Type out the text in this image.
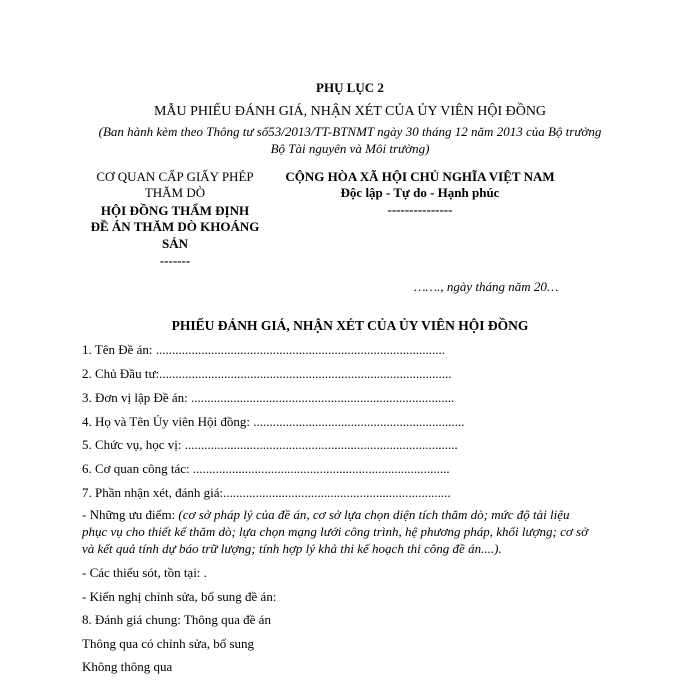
PHỤ LỤC 2
MẪU PHIẾU ĐÁNH GIÁ, NHẬN XÉT CỦA ỦY VIÊN HỘI ĐỒNG
(Ban hành kèm theo Thông tư số53/2013/TT-BTNMT ngày 30 tháng 12 năm 2013 của Bộ trưởng
Bộ Tài nguyên và Môi trường)
CƠ QUAN CẤP GIẤY PHÉP
THĂM DÒ
HỘI ĐỒNG THẨM ĐỊNH
ĐỀ ÁN THĂM DÒ KHOÁNG
SẢN
-------
CỘNG HÒA XÃ HỘI CHỦ NGHĨA VIỆT NAM
Độc lập - Tự do - Hạnh phúc
---------------
……., ngày tháng năm 20…
PHIẾU ĐÁNH GIÁ, NHẬN XÉT CỦA ỦY VIÊN HỘI ĐỒNG
1. Tên Đề án: .........................................................................................
2. Chủ Đầu tư:..........................................................................................
3. Đơn vị lập Đề án: .................................................................................
4. Họ và Tên Ủy viên Hội đồng: .................................................................
5. Chức vụ, học vị: ....................................................................................
6. Cơ quan công tác: ...............................................................................
7. Phần nhận xét, đánh giá:......................................................................
- Những ưu điểm: (cơ sở pháp lý của đề án, cơ sở lựa chọn diện tích thăm dò; mức độ tài liệu
phục vụ cho thiết kế thăm dò; lựa chọn mạng lưới công trình, hệ phương pháp, khối lượng; cơ sở
và kết quả tính dự báo trữ lượng; tính hợp lý khả thi kế hoạch thi công đề án....).
- Các thiếu sót, tồn tại: .
- Kiến nghị chỉnh sửa, bổ sung đề án:
8. Đánh giá chung: Thông qua đề án
Thông qua có chỉnh sửa, bổ sung
Không thông qua
